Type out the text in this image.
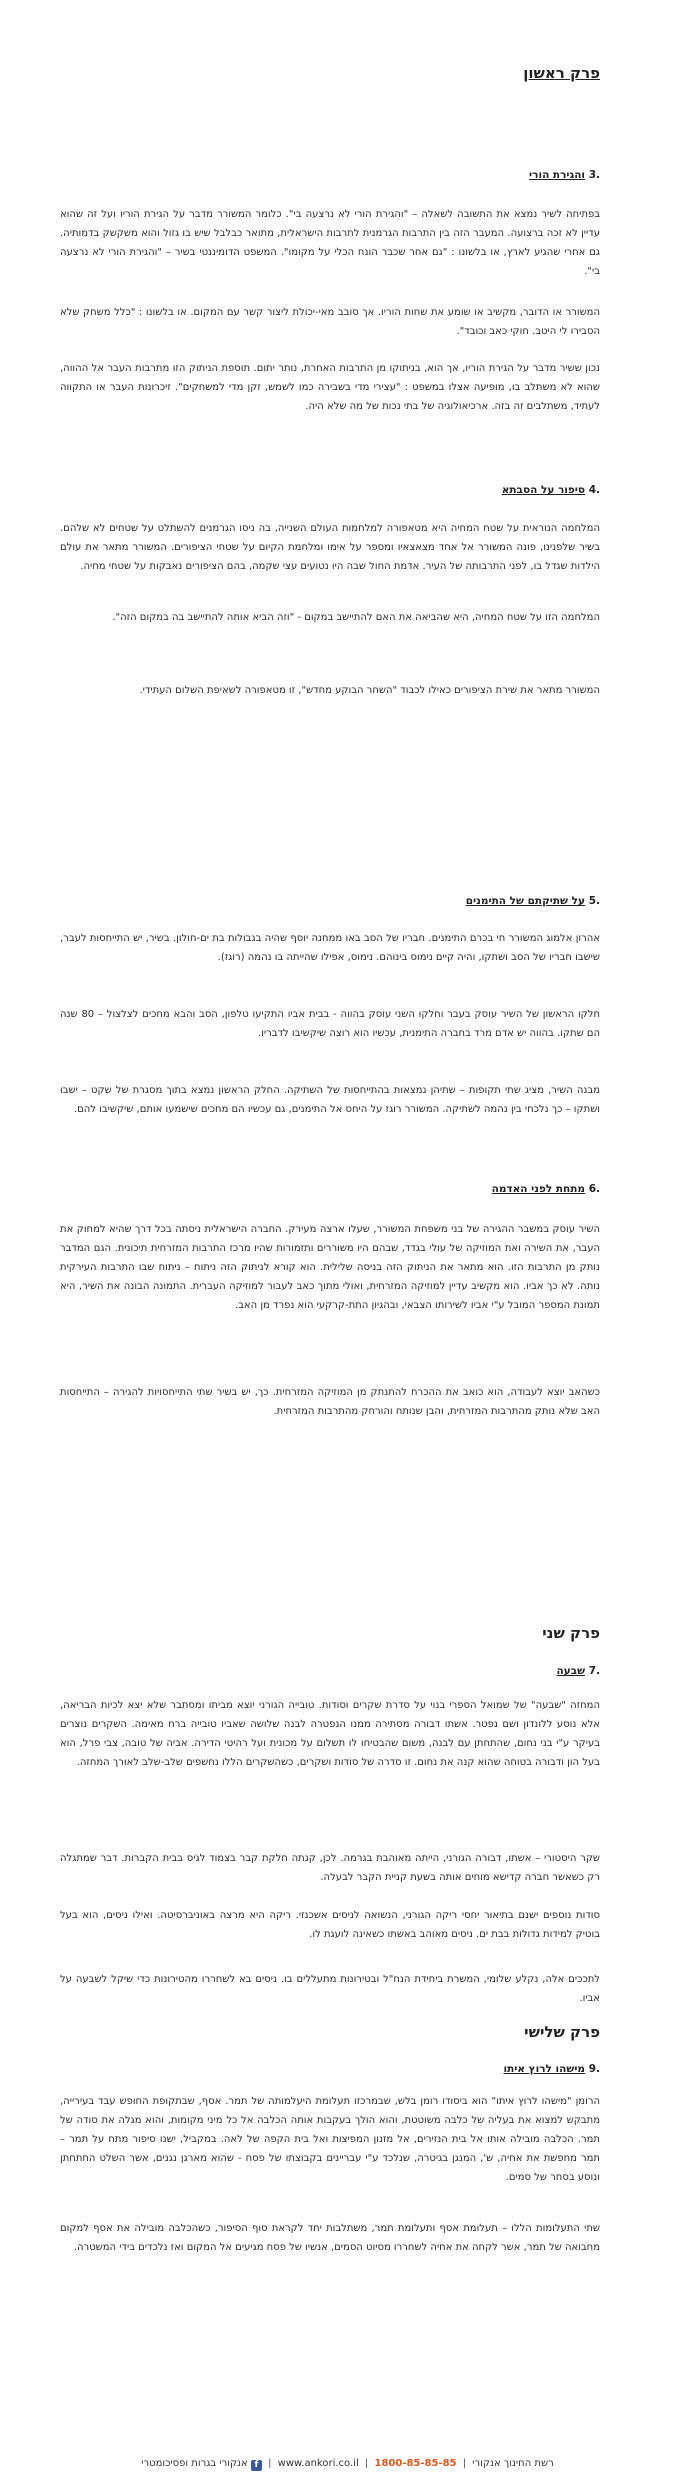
פרק ראשון

.3 והגירת הורי

בפתיחה לשיר נמצא את התשובה לשאלה – "והגירת הורי לא נרצעה בי". כלומר המשורר מדבר על הגירת הוריו ועל זה שהוא עדיין לא זכה ברצועה. המעבר הזה בין התרבות הגרמנית לתרבות הישראלית, מתואר כבלבל שיש בו גזול והוא משקשק בדמותיה. גם אחרי שהגיע לארץ, או בלשונו : "גם אחר שכבר הונח הכלי על מקומו". המשפט הדומיננטי בשיר – "והגירת הורי לא נרצעה בי".

המשורר או הדובר, מקשיב או שומע את שחות הוריו. אך סובב מאי-יכולת ליצור קשר עם המקום. או בלשונו : "כלל משחק שלא הסבירו לי היטב. חוקי כאב וכובד".

נכון ששיר מדבר על הגירת הוריו, אך הוא, בניתוקו מן התרבות האחרת, נותר יתום. תוספת הניתוק הזו מתרבות העבר אל ההווה, שהוא לא משתלב בו, מופיעה אצלו במשפט : "עצירי מדי בשבירה כמו לשמש, זקן מדי למשחקים". זיכרונות העבר או התקווה לעתיד, משתלבים זה בזה. ארכיאולוגיה של בתי נכות של מה שלא היה.

.4 סיפור על הסבתא

המלחמה הנוראית על שטח המחיה היא מטאפורה למלחמות העולם השנייה, בה ניסו הגרמנים להשתלט על שטחים לא שלהם. בשיר שלפנינו, פונה המשורר אל אחד מצאצאיו ומספר על אימו ומלחמת הקיום על שטחי הציפורים. המשורר מתאר את עולם הילדות שגדל בו, לפני התרבותה של העיר. אדמת החול שבה היו נטועים עצי שקמה, בהם הציפורים נאבקות על שטחי מחיה.

המלחמה הזו על שטח המחיה, היא שהביאה את האם להתיישב במקום - "וזה הביא אותה להתיישב בה במקום הזה".

המשורר מתאר את שירת הציפורים כאילו לכבוד "השחר הבוקע מחדש", זו מטאפורה לשאיפת השלום העתידי.

.5 על שתיקתם של התימנים

אהרון אלמוג המשורר חי בכרם התימנים. חבריו של הסב באו ממחנה יוסף שהיה בגבולות בת ים-חולון. בשיר, יש התייחסות לעבר, שישבו חבריו של הסב ושתקו, והיה קיים נימוס בינוהם. נימוס, אפילו שהייתה בו נהמה (רוגז).

חלקו הראשון של השיר עוסק בעבר וחלקו השני עוסק בהווה - בבית אביו התקיעו טלפון, הסב והבא מחכים לצלצול – 80 שנה הם שתקו. בהווה יש אדם מרד בחברה התימנית, עכשיו הוא רוצה שיקשיבו לדבריו.

מבנה השיר, מציג שתי תקופות – שתיהן נמצאות בהתייחסות של השתיקה. החלק הראשון נמצא בתוך מסגרת של שקט – ישבו ושתקו – כך נלכחי בין נהמה לשתיקה. המשורר רוגז על היחס אל התימנים, גם עכשיו הם מחכים שישמעו אותם, שיקשיבו להם.

.6 מתחת לפני האדמה

השיר עוסק במשבר ההגירה של בני משפחת המשורר, שעלו ארצה מעירק. החברה הישראלית ניסתה בכל דרך שהיא למחוק את העבר, את השירה ואת המוזיקה של עולי בגדד, שבהם היו משוררים ותזמורות שהיו מרכז התרבות המזרחית תיכונית. הגם המדבר נותק מן התרבות הזו. הוא מתאר את הניתוק הזה בניסה שלילית. הוא קורא לניתוק הזה ניתוח – ניתוח שבו התרבות העירקית נותה. לא כך אביו. הוא מקשיב עדיין למוזיקה המזרחית, ואולי מתוך כאב לעבור למוזיקה העברית. התמונה הבונה את השיר, היא תמונת המספר המובל ע"י אביו לשירותו הצבאי, ובהגיון התת-קרקעי הוא נפרד מן האב.

כשהאב יוצא לעבודה, הוא כואב את ההכרח להתנתק מן המוזיקה המזרחית. כך, יש בשיר שתי התייחסויות להגירה – התייחסות האב שלא נותק מהתרבות המזרחית, והבן שנותח והורחק מהתרבות המזרחית.

פרק שני

.7 שבעה

המחזה "שבעה" של שמואל הספרי בנוי על סדרת שקרים וסודות. טובייה הגורני יוצא מביתו ומסתבר שלא יצא לכיות הבריאה, אלא נוסע ללונדון ושם נפטר. אשתו דבורה מסתירה ממנו הנפטרה לבנה שלושה שאביו טובייה ברח מאימה. השקרים נוצרים בעיקר ע"י בני נחום, שהתחתן עם לבנה, משום שהבטיחו לו תשלום על מכונית ועל רהיטי הדירה. אביה של טובה, צבי פרל, הוא בעל הון ודבורה בטוחה שהוא קנה את נחום. זו סדרה של סודות ושקרים, כשהשקרים הללו נחשפים שלב-שלב לאורך המחזה.

שקר היסטורי – אשתו, דבורה הגורני, הייתה מאוהבת בגרמה. לכן, קנתה חלקת קבר בצמוד לגיס בבית הקברות. דבר שמתגלה רק כשאשר חברה קדישא מוחים אותה בשעת קניית הקבר לבעלה.

סודות נוספים ישנם בתיאור יחסי ריקה הגורני, הנשואה לניסים אשכנזי. ריקה היא מרצה באוניברסיטה. ואילו ניסים, הוא בעל בוטיק למידות גדולות בבת ים. ניסים מאוהב באשתו כשאינה לועגת לו.

לתככים אלה, נקלע שלומי, המשרת ביחידת הנח"ל ובטירונות מתעללים בו. ניסים בא לשחררו מהטירונות כדי שיקל לשבעה על אביו.

פרק שלישי

.9 מישהו לרוץ איתו

הרומן "מישהו לרוץ איתו" הוא ביסודו רומן בלש, שבמרכזו תעלומת היעלמותה של תמר. אסף, שבתקופת החופש עבד בעירייה, מתבקש למצוא את בעליה של כלבה משוטטת, והוא הולך בעקבות אותה הכלבה אל כל מיני מקומות, והוא מגלה את סודה של תמר. הכלבה מובילה אותו אל בית הנזירים, אל מזנון המפיצות ואל בית הקפה של לאה. במקביל, ישנו סיפור מתח על תמר – תמר מחפשת את אחיה, ש', המנגן בגיטרה, שנלכד ע"י עבריינים בקבוצתו של פסח - שהוא מארגן נגנים, אשר השלט החתחתן ונוסע בסחר של סמים.

שתי התעלומות הללו – תעלומת אסף ותעלומת תמר, משתלבות יחד לקראת סוף הסיפור, כשהכלבה מובילה את אסף למקום מחבואה של תמר, אשר לקחה את אחיה לשחררו מסיוט הסמים, אנשיו של פסח מגיעים אל המקום ואז נלכדים בידי המשטרה.

רשת החינוך אנקורי | 1800-85-85-85 | www.ankori.co.il | f אנקורי בגרות ופסיכומטרי
